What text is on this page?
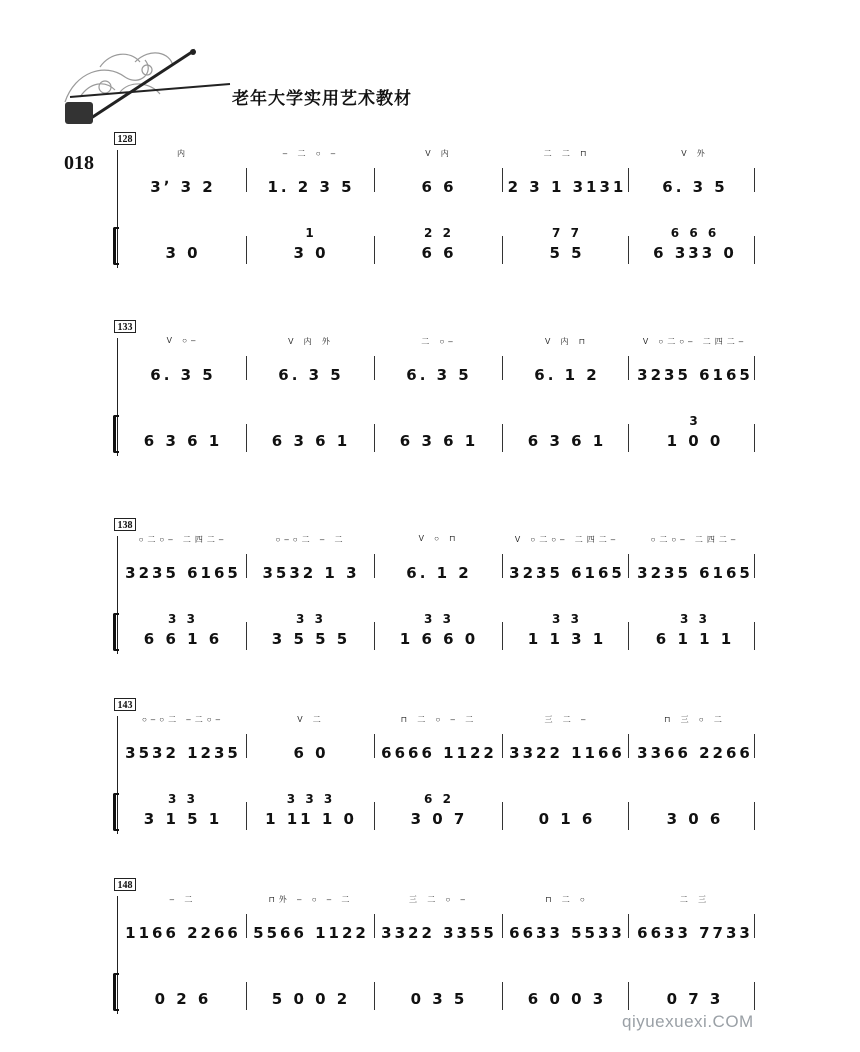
老年大学实用艺术教材
018
128
内	– ⼆ ○ –	V 内	⼆ ⼆ ⊓	V 外
3ʼ 3 2	1. 2 3 5	6 6	2 3 1 3131	6. 3 5
1	2 2	7 7	6 6 6
3 0	3 0	6 6	5 5	6 333 0
133
V ○–	V 内 外	⼆ ○–	V 内 ⊓	V ○⼆○– ⼆四⼆–
6. 3 5	6. 3 5	6. 3 5	6. 1 2	3235 6165
3
6 3 6 1	6 3 6 1	6 3 6 1	6 3 6 1	1 0 0
138
○⼆○– ⼆四⼆–	○–○⼆ – ⼆	V ○ ⊓	V ○⼆○– ⼆四⼆–	○⼆○– ⼆四⼆–
3235 6165	3532 1 3	6. 1 2	3235 6165 3235 6165
3 3	3 3	3 3	3 3	3 3
6 6 1 6	3 5 5 5	1 6 6 0	1 1 3 1	6 1 1 1
143
○–○⼆ –⼆○–	V ⼆	⊓ ⼆ ○ – ⼆	三 ⼆ –	⊓ 三 ○ ⼆
3532 1235	6 0	6666 1122 3322 1166 3366 2266
3 3	3 3 3	6 2
3 1 5 1	1 11 1 0	3 0 7	0 1 6	3 0 6
148
– ⼆	⊓外 – ○ – ⼆	三 ⼆ ○ –	⊓ ⼆ ○	⼆ 三
1166 2266 5566 1122 3322 3355 6633 5533 6633 7733
0 2 6	5 0 0 2	0 3 5	6 0 0 3	0 7 3
qiyuexuexi.COM
